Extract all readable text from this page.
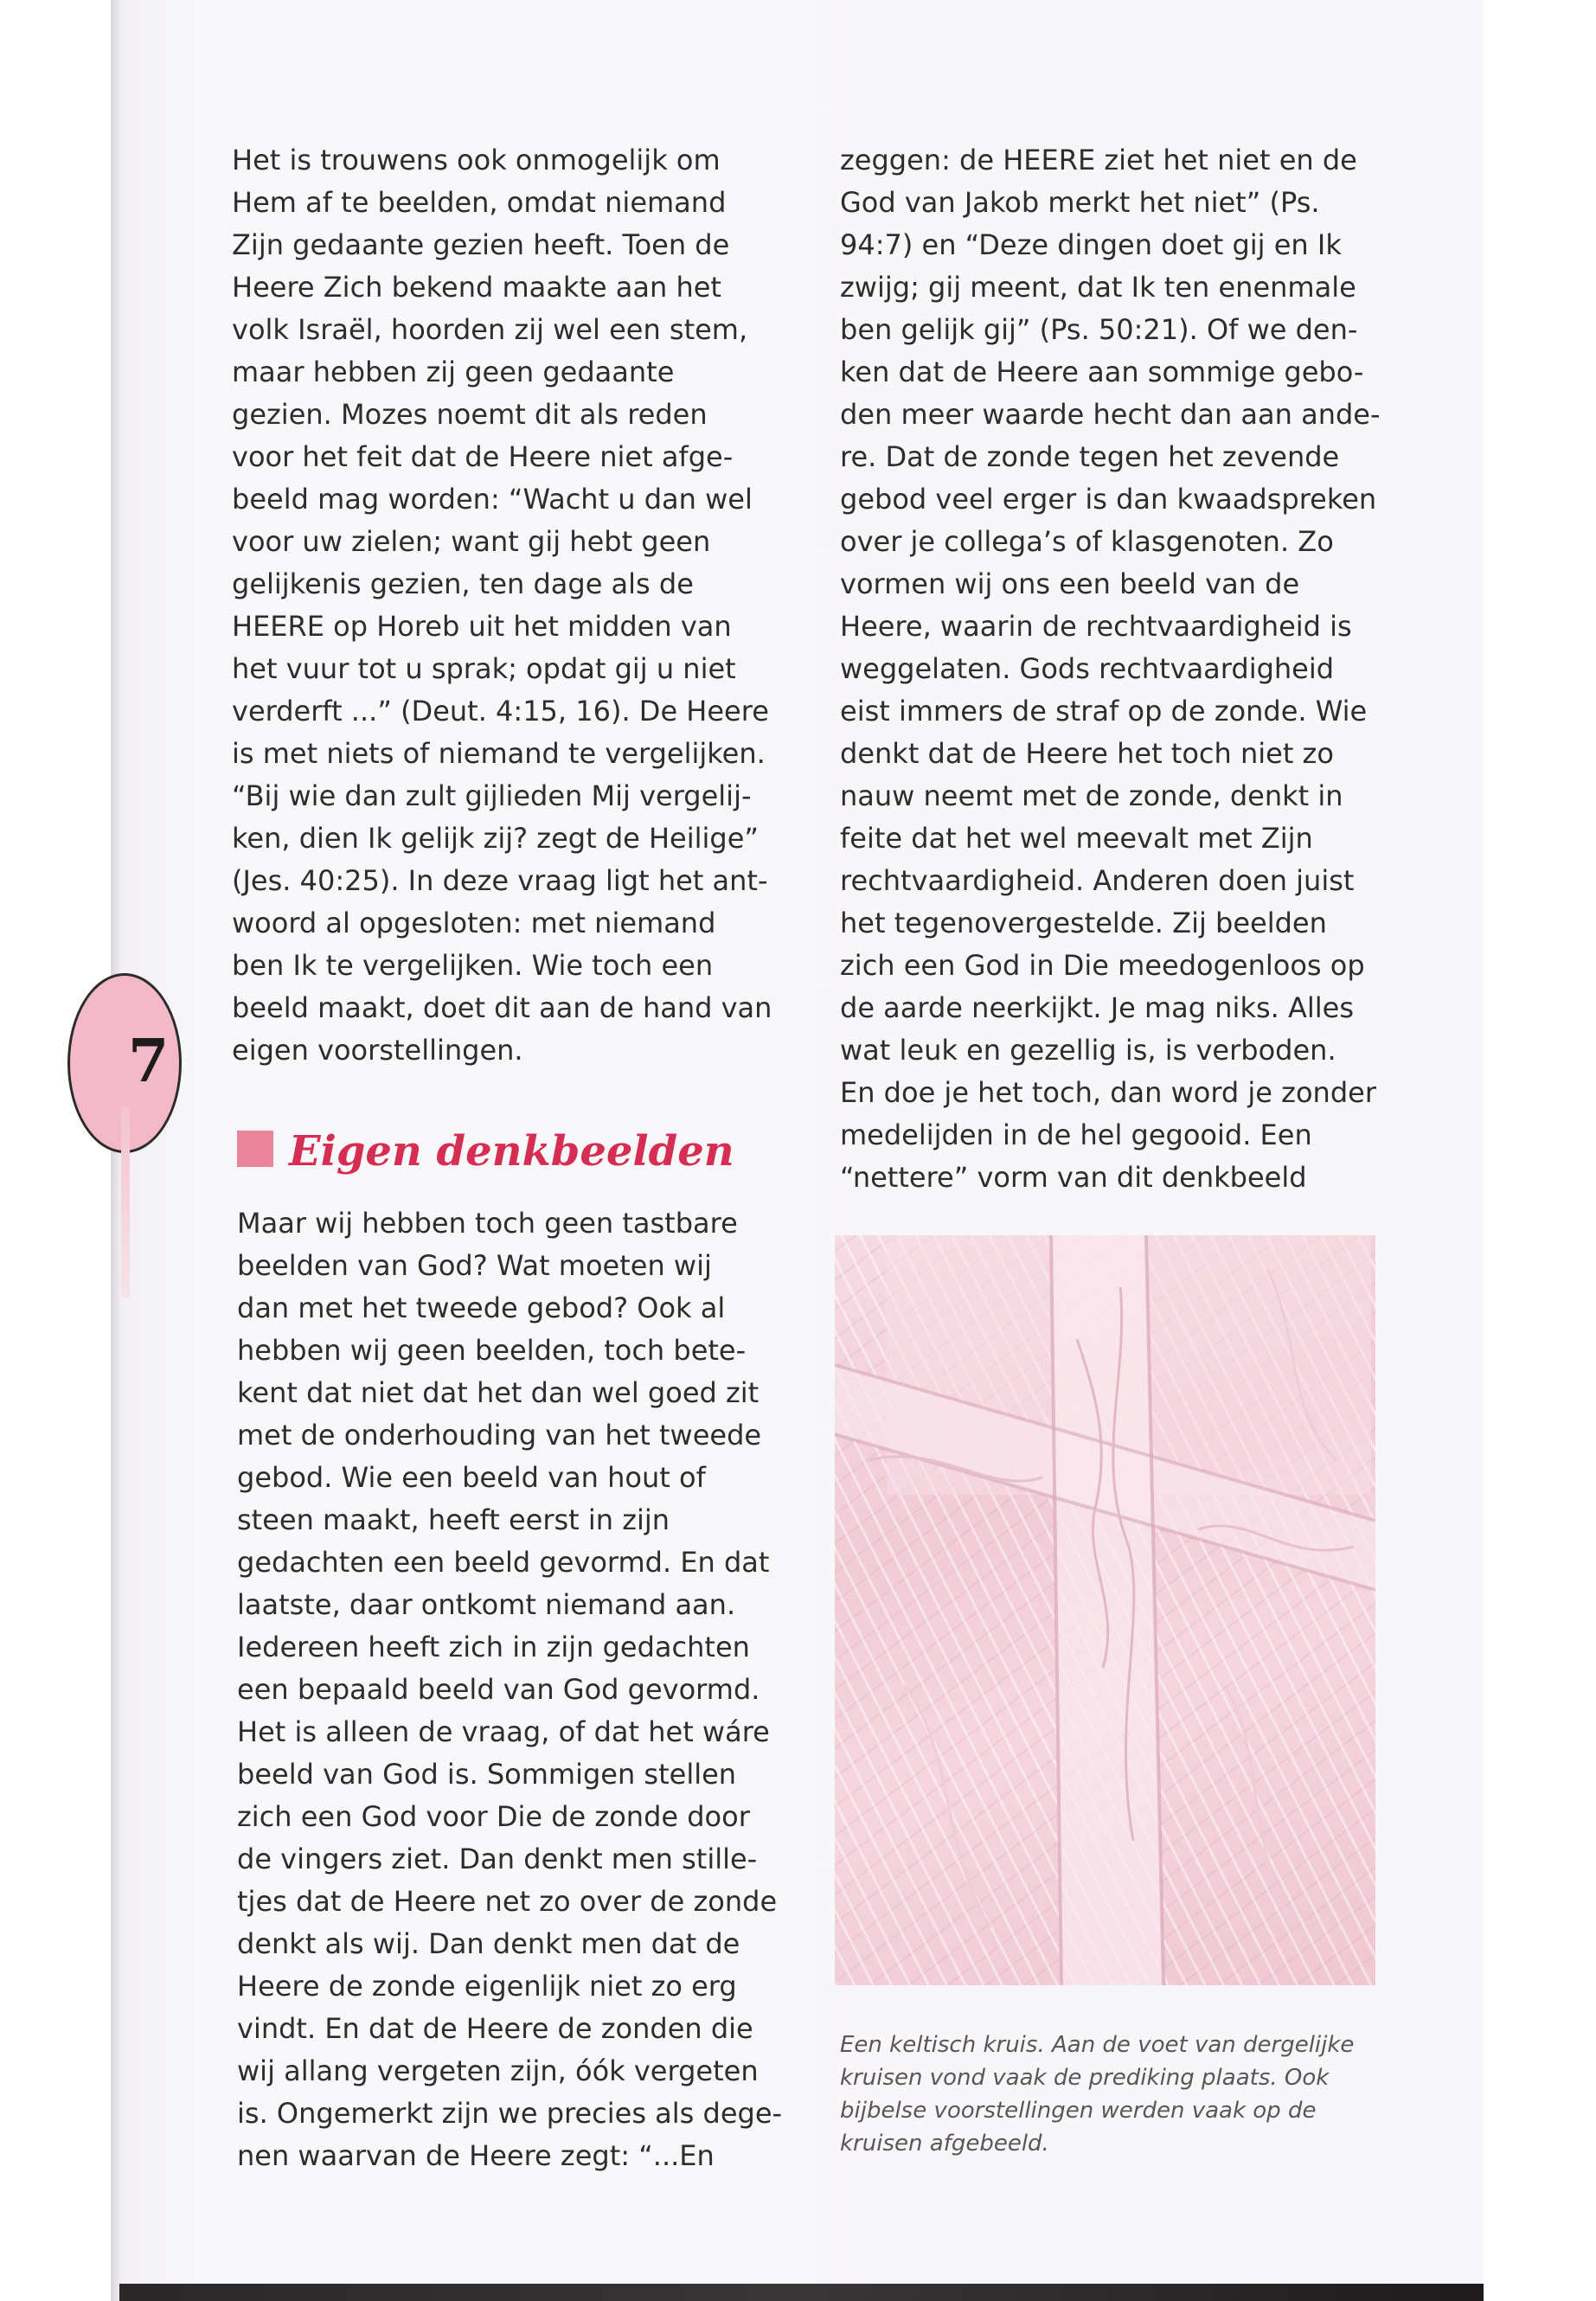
7

Het is trouwens ook onmogelijk om

Hem af te beelden, omdat niemand

Zijn gedaante gezien heeft. Toen de

Heere Zich bekend maakte aan het

volk Israël, hoorden zij wel een stem,

maar hebben zij geen gedaante

gezien. Mozes noemt dit als reden

voor het feit dat de Heere niet afge-

beeld mag worden: “Wacht u dan wel

voor uw zielen; want gij hebt geen

gelijkenis gezien, ten dage als de

HEERE op Horeb uit het midden van

het vuur tot u sprak; opdat gij u niet

verderft ...” (Deut. 4:15, 16). De Heere

is met niets of niemand te vergelijken.

“Bij wie dan zult gijlieden Mij vergelij-

ken, dien Ik gelijk zij? zegt de Heilige”

(Jes. 40:25). In deze vraag ligt het ant-

woord al opgesloten: met niemand

ben Ik te vergelijken. Wie toch een

beeld maakt, doet dit aan de hand van

eigen voorstellingen.

Eigen denkbeelden

Maar wij hebben toch geen tastbare

beelden van God? Wat moeten wij

dan met het tweede gebod? Ook al

hebben wij geen beelden, toch bete-

kent dat niet dat het dan wel goed zit

met de onderhouding van het tweede

gebod. Wie een beeld van hout of

steen maakt, heeft eerst in zijn

gedachten een beeld gevormd. En dat

laatste, daar ontkomt niemand aan.

Iedereen heeft zich in zijn gedachten

een bepaald beeld van God gevormd.

Het is alleen de vraag, of dat het wáre

beeld van God is. Sommigen stellen

zich een God voor Die de zonde door

de vingers ziet. Dan denkt men stille-

tjes dat de Heere net zo over de zonde

denkt als wij. Dan denkt men dat de

Heere de zonde eigenlijk niet zo erg

vindt. En dat de Heere de zonden die

wij allang vergeten zijn, óók vergeten

is. Ongemerkt zijn we precies als dege-

nen waarvan de Heere zegt: “...En

zeggen: de HEERE ziet het niet en de

God van Jakob merkt het niet” (Ps.

94:7) en “Deze dingen doet gij en Ik

zwijg; gij meent, dat Ik ten enenmale

ben gelijk gij” (Ps. 50:21). Of we den-

ken dat de Heere aan sommige gebo-

den meer waarde hecht dan aan ande-

re. Dat de zonde tegen het zevende

gebod veel erger is dan kwaadspreken

over je collega’s of klasgenoten. Zo

vormen wij ons een beeld van de

Heere, waarin de rechtvaardigheid is

weggelaten. Gods rechtvaardigheid

eist immers de straf op de zonde. Wie

denkt dat de Heere het toch niet zo

nauw neemt met de zonde, denkt in

feite dat het wel meevalt met Zijn

rechtvaardigheid. Anderen doen juist

het tegenovergestelde. Zij beelden

zich een God in Die meedogenloos op

de aarde neerkijkt. Je mag niks. Alles

wat leuk en gezellig is, is verboden.

En doe je het toch, dan word je zonder

medelijden in de hel gegooid. Een

“nettere” vorm van dit denkbeeld

Een keltisch kruis. Aan de voet van dergelijke

kruisen vond vaak de prediking plaats. Ook

bijbelse voorstellingen werden vaak op de

kruisen afgebeeld.
